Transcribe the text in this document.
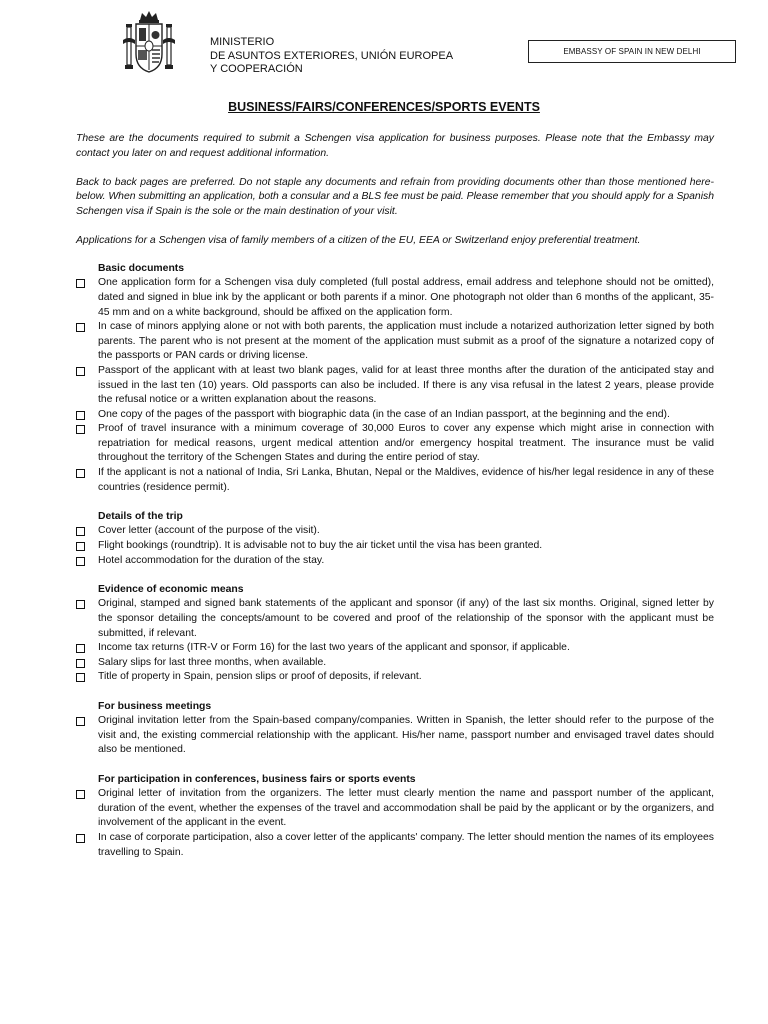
MINISTERIO
DE ASUNTOS EXTERIORES, UNIÓN EUROPEA
Y COOPERACIÓN
EMBASSY OF SPAIN IN NEW DELHI
BUSINESS/FAIRS/CONFERENCES/SPORTS EVENTS

These are the documents required to submit a Schengen visa application for business purposes. Please note that the Embassy may contact you later on and request additional information.

Back to back pages are preferred. Do not staple any documents and refrain from providing documents other than those mentioned here-below. When submitting an application, both a consular and a BLS fee must be paid. Please remember that you should apply for a Spanish Schengen visa if Spain is the sole or the main destination of your visit.

Applications for a Schengen visa of family members of a citizen of the EU, EEA or Switzerland enjoy preferential treatment.

Basic documents
One application form for a Schengen visa duly completed (full postal address, email address and telephone should not be omitted), dated and signed in blue ink by the applicant or both parents if a minor. One photograph not older than 6 months of the applicant, 35-45 mm and on a white background, should be affixed on the application form.
In case of minors applying alone or not with both parents, the application must include a notarized authorization letter signed by both parents. The parent who is not present at the moment of the application must submit as a proof of the signature a notarized copy of the passports or PAN cards or driving license.
Passport of the applicant with at least two blank pages, valid for at least three months after the duration of the anticipated stay and issued in the last ten (10) years. Old passports can also be included. If there is any visa refusal in the latest 2 years, please provide the refusal notice or a written explanation about the reasons.
One copy of the pages of the passport with biographic data (in the case of an Indian passport, at the beginning and the end).
Proof of travel insurance with a minimum coverage of 30,000 Euros to cover any expense which might arise in connection with repatriation for medical reasons, urgent medical attention and/or emergency hospital treatment. The insurance must be valid throughout the territory of the Schengen States and during the entire period of stay.
If the applicant is not a national of India, Sri Lanka, Bhutan, Nepal or the Maldives, evidence of his/her legal residence in any of these countries (residence permit).
Details of the trip
Cover letter (account of the purpose of the visit).
Flight bookings (roundtrip). It is advisable not to buy the air ticket until the visa has been granted.
Hotel accommodation for the duration of the stay.
Evidence of economic means
Original, stamped and signed bank statements of the applicant and sponsor (if any) of the last six months. Original, signed letter by the sponsor detailing the concepts/amount to be covered and proof of the relationship of the sponsor with the applicant must be submitted, if relevant.
Income tax returns (ITR-V or Form 16) for the last two years of the applicant and sponsor, if applicable.
Salary slips for last three months, when available.
Title of property in Spain, pension slips or proof of deposits, if relevant.
For business meetings
Original invitation letter from the Spain-based company/companies. Written in Spanish, the letter should refer to the purpose of the visit and, the existing commercial relationship with the applicant. His/her name, passport number and envisaged travel dates should also be mentioned.
For participation in conferences, business fairs or sports events
Original letter of invitation from the organizers. The letter must clearly mention the name and passport number of the applicant, duration of the event, whether the expenses of the travel and accommodation shall be paid by the applicant or by the organizers, and involvement of the applicant in the event.
In case of corporate participation, also a cover letter of the applicants' company. The letter should mention the names of its employees travelling to Spain.
